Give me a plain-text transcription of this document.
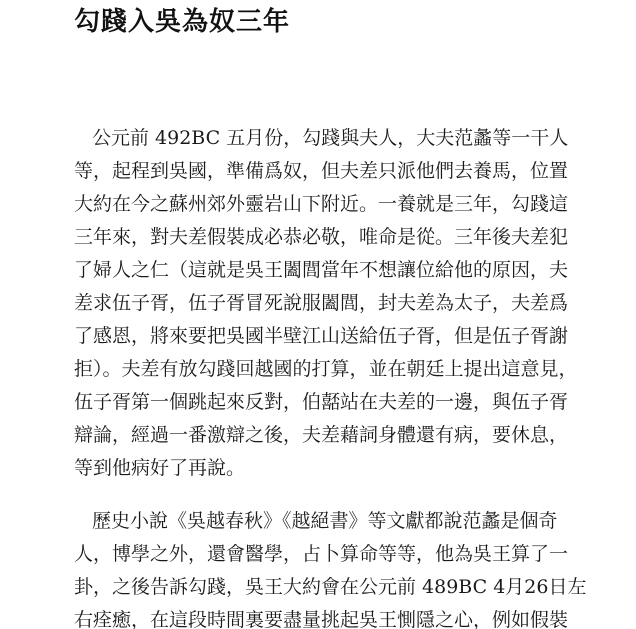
勾踐入吳為奴三年
公元前 492BC 五月份，勾踐與夫人，大夫范蠡等一干人
等，起程到吳國，準備爲奴，但夫差只派他們去養馬，位置
大約在今之蘇州郊外靈岩山下附近。一養就是三年，勾踐這
三年來，對夫差假裝成必恭必敬，唯命是從。三年後夫差犯
了婦人之仁（這就是吳王闔閭當年不想讓位給他的原因，夫
差求伍子胥，伍子胥冒死說服闔閭，封夫差為太子，夫差爲
了感恩，將來要把吳國半壁江山送給伍子胥，但是伍子胥謝
拒）。夫差有放勾踐回越國的打算，並在朝廷上提出這意見，
伍子胥第一個跳起來反對，伯嚭站在夫差的一邊，與伍子胥
辯論，經過一番激辯之後，夫差藉詞身體還有病，要休息，
等到他病好了再說。
歷史小說《吳越春秋》《越絕書》等文獻都說范蠡是個奇
人，博學之外，還會醫學，占卜算命等等，他為吳王算了一
卦，之後告訴勾踐，吳王大約會在公元前 489BC 4月26日左
右痊癒，在這段時間裏要盡量挑起吳王惻隱之心，例如假裝
